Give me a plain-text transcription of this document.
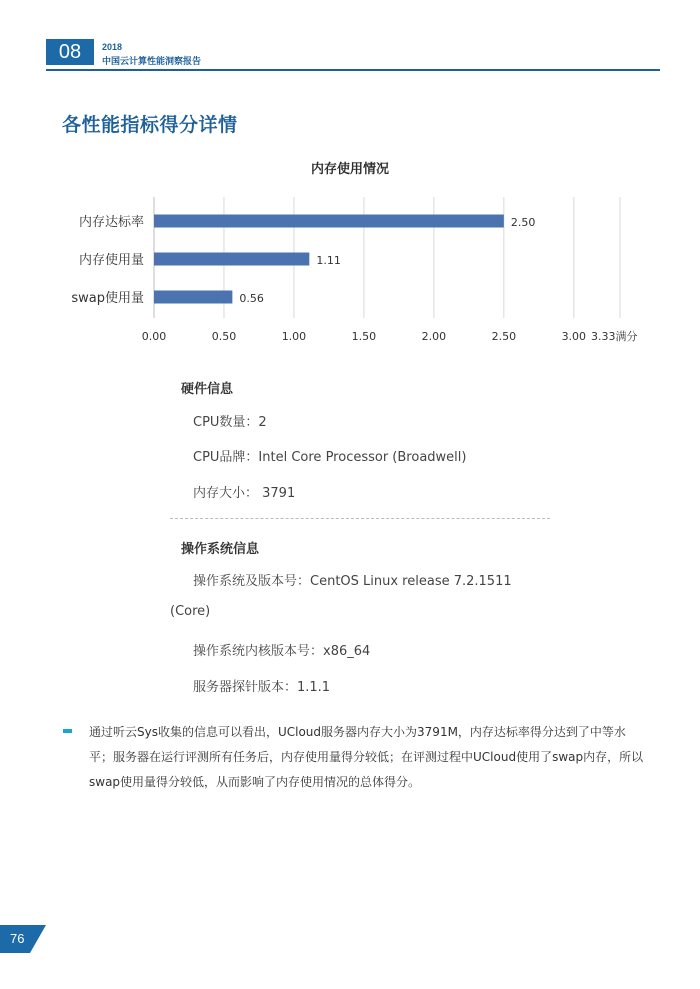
08	2018
中国云计算性能洞察报告
各性能指标得分详情
内存使用情况
内存达标率	2.50
内存使用量	1.11
swap使用量	0.56
0.00	0.50	1.00	1.50	2.00	2.50	3.00 3.33满分
硬件信息
CPU数量：2
CPU品牌：Intel Core Processor (Broadwell)
内存大小： 3791
操作系统信息
操作系统及版本号：CentOS Linux release 7.2.1511
(Core)
操作系统内核版本号：x86_64
服务器探针版本：1.1.1
通过听云Sys收集的信息可以看出，UCloud服务器内存大小为3791M，内存达标率得分达到了中等水平；服务器在运行评测所有任务后，内存使用量得分较低；在评测过程中UCloud使用了swap内存，所以swap使用量得分较低，从而影响了内存使用情况的总体得分。
76
